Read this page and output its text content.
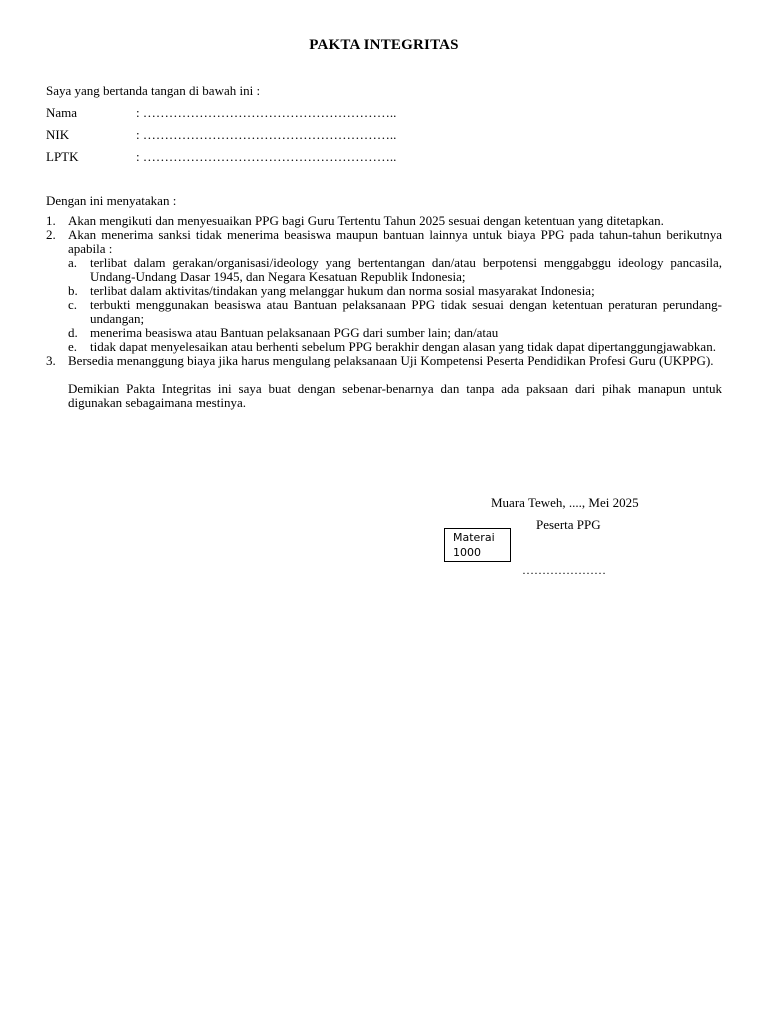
PAKTA INTEGRITAS
Saya yang bertanda tangan di bawah ini :
Nama	: …………………………………………………..
NIK	: …………………………………………………..
LPTK	: …………………………………………………..
Dengan ini menyatakan :
1. Akan mengikuti dan menyesuaikan PPG bagi Guru Tertentu Tahun 2025 sesuai dengan ketentuan yang ditetapkan.
2. Akan menerima sanksi tidak menerima beasiswa maupun bantuan lainnya untuk biaya PPG pada tahun-tahun berikutnya apabila :
a. terlibat dalam gerakan/organisasi/ideology yang bertentangan dan/atau berpotensi menggabggu ideology pancasila, Undang-Undang Dasar 1945, dan Negara Kesatuan Republik Indonesia;
b. terlibat dalam aktivitas/tindakan yang melanggar hukum dan norma sosial masyarakat Indonesia;
c. terbukti menggunakan beasiswa atau Bantuan pelaksanaan PPG tidak sesuai dengan ketentuan peraturan perundang-undangan;
d. menerima beasiswa atau Bantuan pelaksanaan PGG dari sumber lain; dan/atau
e. tidak dapat menyelesaikan atau berhenti sebelum PPG berakhir dengan alasan yang tidak dapat dipertanggungjawabkan.
3. Bersedia menanggung biaya jika harus mengulang pelaksanaan Uji Kompetensi Peserta Pendidikan Profesi Guru (UKPPG).
Demikian Pakta Integritas ini saya buat dengan sebenar-benarnya dan tanpa ada paksaan dari pihak manapun untuk digunakan sebagaimana mestinya.
Muara Teweh, ...., Mei 2025
Peserta PPG
Materai
1000
…………………
